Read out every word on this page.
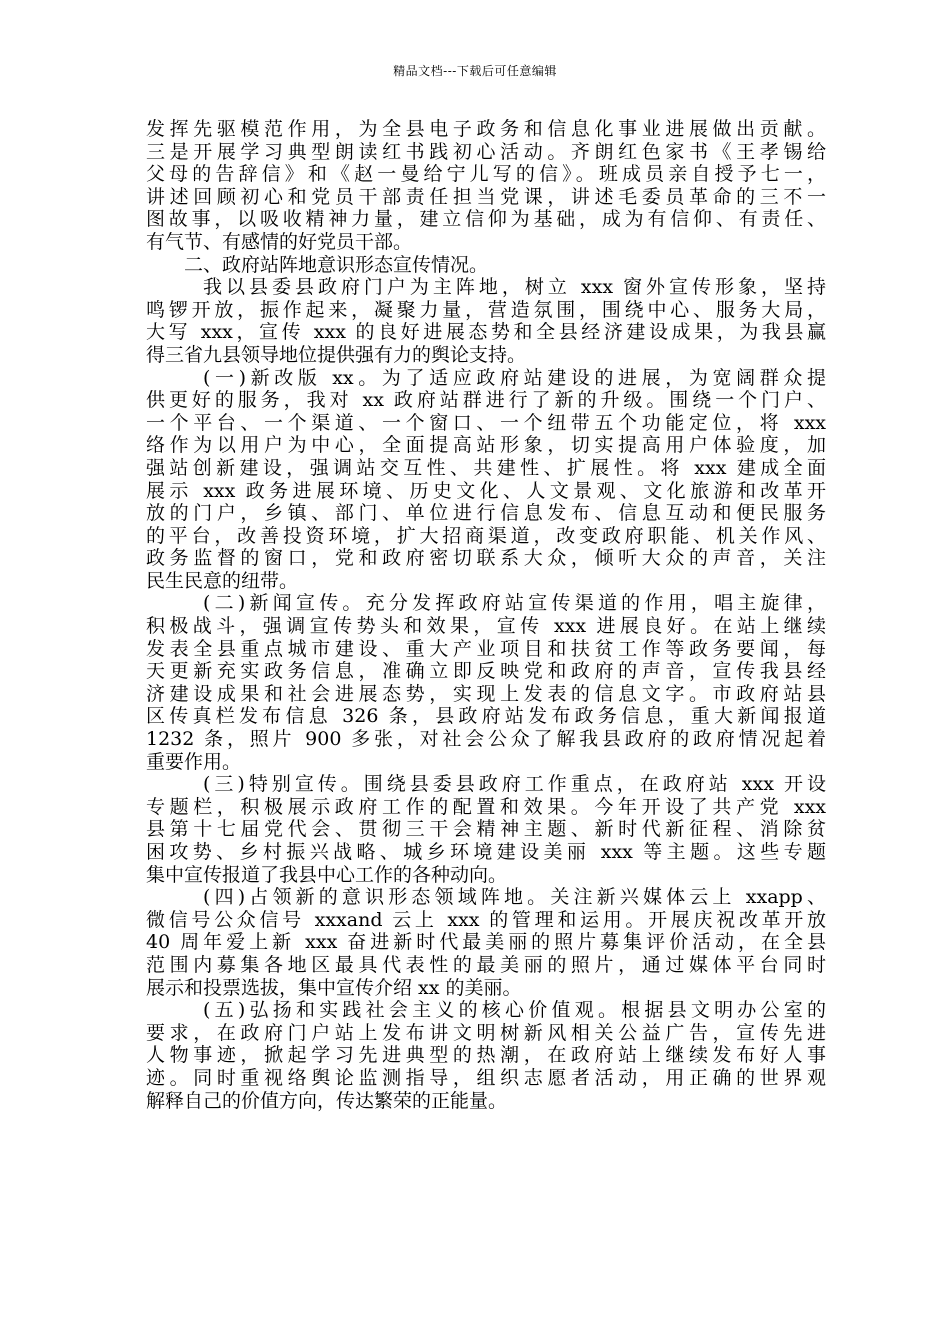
精品文档---下载后可任意编辑
发挥先驱模范作用，为全县电子政务和信息化事业进展做出贡献。
三是开展学习典型朗读红书践初心活动。齐朗红色家书《王孝锡给
父母的告辞信》和《赵一曼给宁儿写的信》。班成员亲自授予七一，
讲述回顾初心和党员干部责任担当党课，讲述毛委员革命的三不一
图故事，以吸收精神力量，建立信仰为基础，成为有信仰、有责任、
有气节、有感情的好党员干部。
二、政府站阵地意识形态宣传情况。
我以县委县政府门户为主阵地，树立 xxx 窗外宣传形象，坚持
鸣锣开放，振作起来，凝聚力量，营造氛围，围绕中心、服务大局，
大写 xxx，宣传 xxx 的良好进展态势和全县经济建设成果，为我县赢
得三省九县领导地位提供强有力的舆论支持。
(一)新改版 xx。为了适应政府站建设的进展，为宽阔群众提
供更好的服务，我对 xx 政府站群进行了新的升级。围绕一个门户、
一个平台、一个渠道、一个窗口、一个纽带五个功能定位，将 xxx
络作为以用户为中心，全面提高站形象，切实提高用户体验度，加
强站创新建设，强调站交互性、共建性、扩展性。将 xxx 建成全面
展示 xxx 政务进展环境、历史文化、人文景观、文化旅游和改革开
放的门户，乡镇、部门、单位进行信息发布、信息互动和便民服务
的平台，改善投资环境，扩大招商渠道，改变政府职能、机关作风、
政务监督的窗口，党和政府密切联系大众，倾听大众的声音，关注
民生民意的纽带。
(二)新闻宣传。充分发挥政府站宣传渠道的作用，唱主旋律，
积极战斗，强调宣传势头和效果，宣传 xxx 进展良好。在站上继续
发表全县重点城市建设、重大产业项目和扶贫工作等政务要闻，每
天更新充实政务信息，准确立即反映党和政府的声音，宣传我县经
济建设成果和社会进展态势，实现上发表的信息文字。市政府站县
区传真栏发布信息 326 条，县政府站发布政务信息，重大新闻报道
1232 条，照片 900 多张，对社会公众了解我县政府的政府情况起着
重要作用。
(三)特别宣传。围绕县委县政府工作重点，在政府站 xxx 开设
专题栏，积极展示政府工作的配置和效果。今年开设了共产党 xxx
县第十七届党代会、贯彻三干会精神主题、新时代新征程、消除贫
困攻势、乡村振兴战略、城乡环境建设美丽 xxx 等主题。这些专题
集中宣传报道了我县中心工作的各种动向。
(四)占领新的意识形态领域阵地。关注新兴媒体云上 xxapp、
微信号公众信号 xxxand 云上 xxx 的管理和运用。开展庆祝改革开放
40 周年爱上新 xxx 奋进新时代最美丽的照片募集评价活动，在全县
范围内募集各地区最具代表性的最美丽的照片，通过媒体平台同时
展示和投票选拔，集中宣传介绍 xx 的美丽。
(五)弘扬和实践社会主义的核心价值观。根据县文明办公室的
要求，在政府门户站上发布讲文明树新风相关公益广告，宣传先进
人物事迹，掀起学习先进典型的热潮，在政府站上继续发布好人事
迹。同时重视络舆论监测指导，组织志愿者活动，用正确的世界观
解释自己的价值方向，传达繁荣的正能量。
